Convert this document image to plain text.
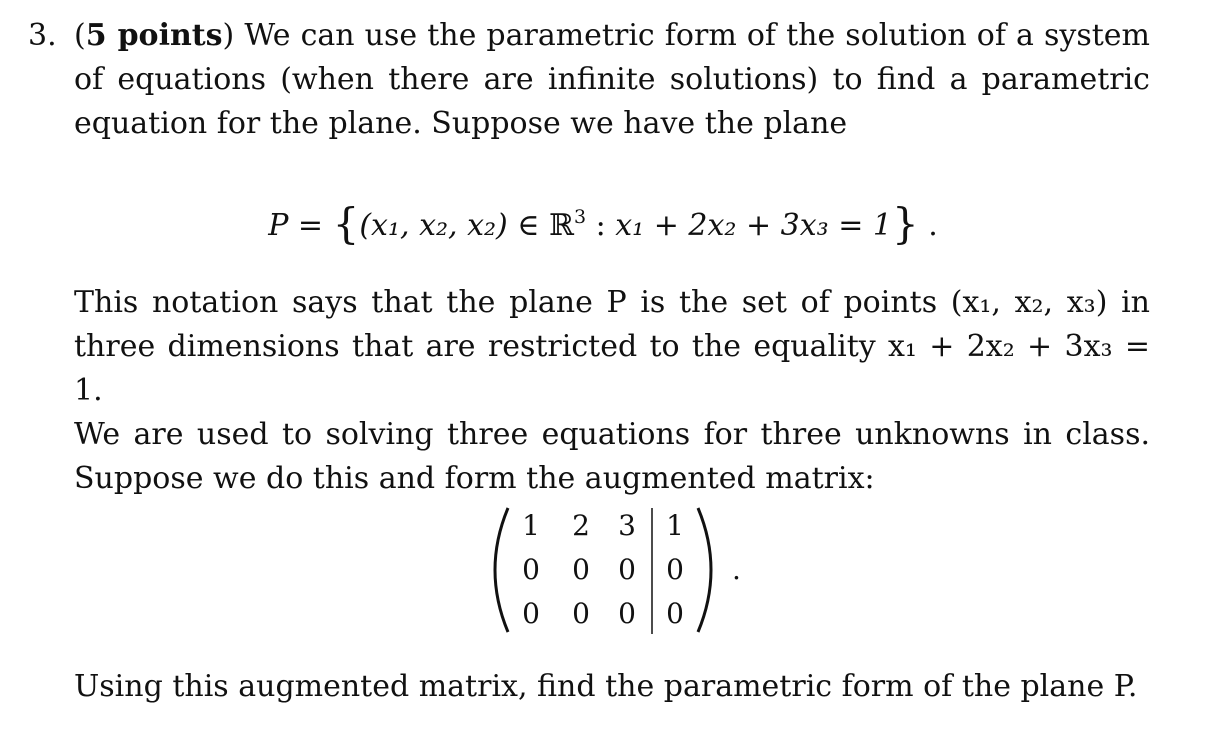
3. (5 points) We can use the parametric form of the solution of a system
of equations (when there are infinite solutions) to find a parametric
equation for the plane. Suppose we have the plane
P = {(x₁, x₂, x₂) ∈ ℝ$^3$ : x₁ + 2x₂ + 3x₃ = 1} .
This notation says that the plane P is the set of points (x₁, x₂, x₃) in
three dimensions that are restricted to the equality x₁ + 2x₂ + 3x₃ = 1.
We are used to solving three equations for three unknowns in class.
Suppose we do this and form the augmented matrix:
1 2 3 1
0 0 0 0
0 0 0 0
.
Using this augmented matrix, find the parametric form of the plane P.
